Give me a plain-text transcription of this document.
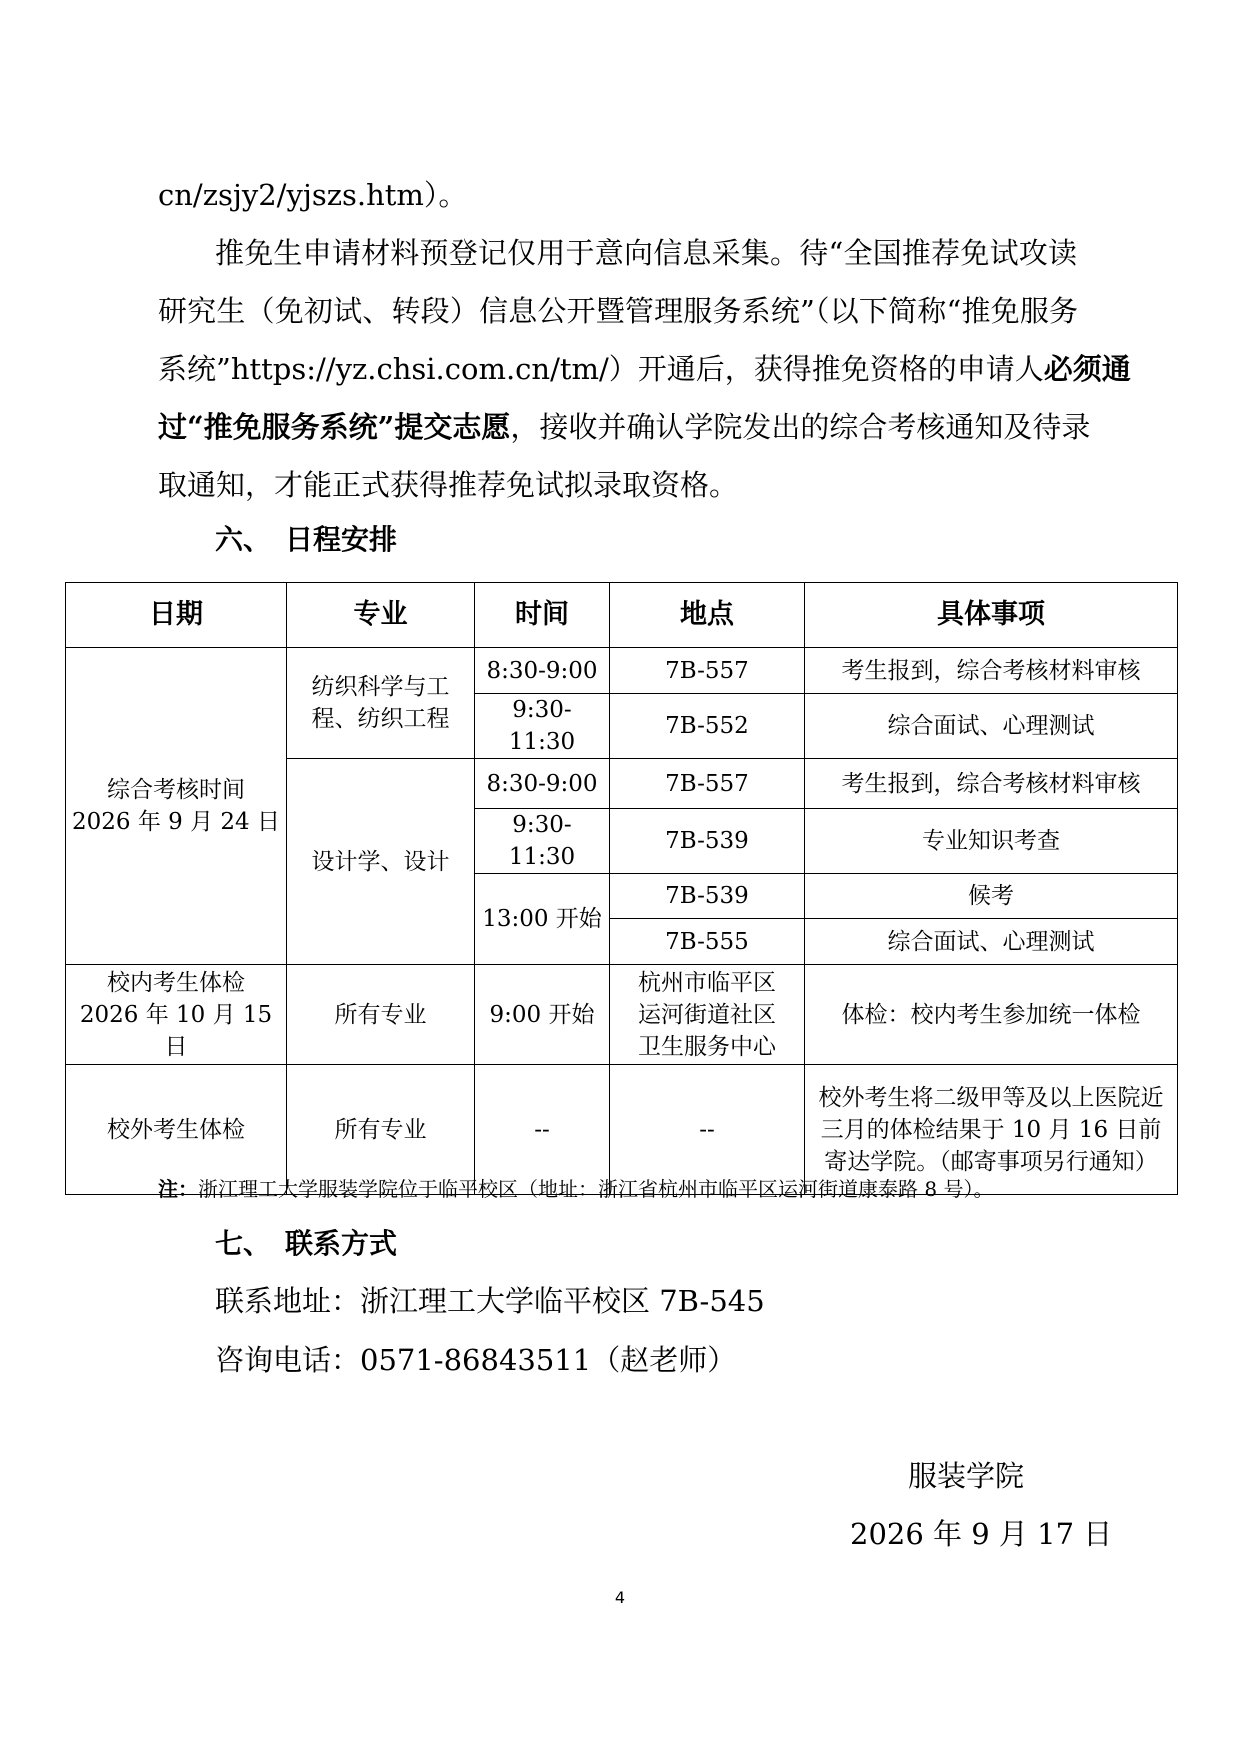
cn/zsjy2/yjszs.htm）。
推免生申请材料预登记仅用于意向信息采集。待“全国推荐免试攻读
研究生（免初试、转段）信息公开暨管理服务系统”（以下简称“推免服务
系统”https://yz.chsi.com.cn/tm/）开通后，获得推免资格的申请人必须通
过“推免服务系统”提交志愿，接收并确认学院发出的综合考核通知及待录
取通知，才能正式获得推荐免试拟录取资格。
六、 日程安排
日期	专业	时间	地点	具体事项

综合考核时间
2026 年 9 月 24 日	纺织科学与工程、纺织工程	8:30-9:00	7B-557	考生报到，综合考核材料审核
		9:30-11:30	7B-552	综合面试、心理测试
	设计学、设计	8:30-9:00	7B-557	考生报到，综合考核材料审核
		9:30-11:30	7B-539	专业知识考查
		13:00 开始	7B-539	候考
			7B-555	综合面试、心理测试

校内考生体检
2026 年 10 月 15 日	所有专业	9:00 开始	杭州市临平区运河街道社区卫生服务中心	体检：校内考生参加统一体检
校外考生体检	所有专业	--	--	校外考生将二级甲等及以上医院近三月的体检结果于 10 月 16 日前寄达学院。（邮寄事项另行通知）
注：浙江理工大学服装学院位于临平校区（地址：浙江省杭州市临平区运河街道康泰路 8 号）。
七、 联系方式
联系地址：浙江理工大学临平校区 7B-545
咨询电话：0571-86843511（赵老师）
服装学院
2026 年 9 月 17 日
4
